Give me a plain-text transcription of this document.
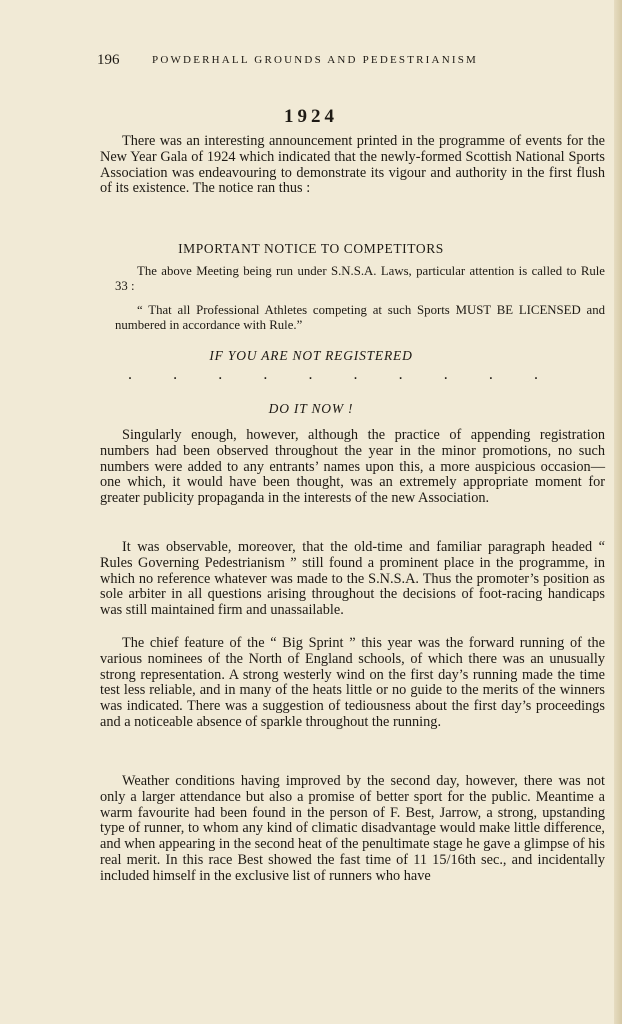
196	POWDERHALL GROUNDS AND PEDESTRIANISM
1924

There was an interesting announcement printed in the programme of events for the New Year Gala of 1924 which indicated that the newly-formed Scottish National Sports Association was endeavouring to demonstrate its vigour and authority in the first flush of its existence. The notice ran thus :

IMPORTANT NOTICE TO COMPETITORS

The above Meeting being run under S.N.S.A. Laws, particular attention is called to Rule 33 :

“ That all Professional Athletes competing at such Sports MUST BE LICENSED and numbered in accordance with Rule.”

IF YOU ARE NOT REGISTERED
.	.	.	.	.	.	.	.	.	.
DO IT NOW !

Singularly enough, however, although the practice of appending registration numbers had been observed throughout the year in the minor promotions, no such numbers were added to any entrants’ names upon this, a more auspicious occasion—one which, it would have been thought, was an extremely appropriate moment for greater publicity propaganda in the interests of the new Association.

It was observable, moreover, that the old-time and familiar paragraph headed “ Rules Governing Pedestrianism ” still found a prominent place in the programme, in which no reference whatever was made to the S.N.S.A. Thus the promoter’s position as sole arbiter in all questions arising throughout the decisions of foot-racing handicaps was still maintained firm and unassailable.

The chief feature of the “ Big Sprint ” this year was the forward running of the various nominees of the North of England schools, of which there was an unusually strong representation. A strong westerly wind on the first day’s running made the time test less reliable, and in many of the heats little or no guide to the merits of the winners was indicated. There was a suggestion of tediousness about the first day’s proceedings and a noticeable absence of sparkle throughout the running.

Weather conditions having improved by the second day, however, there was not only a larger attendance but also a promise of better sport for the public. Meantime a warm favourite had been found in the person of F. Best, Jarrow, a strong, upstanding type of runner, to whom any kind of climatic disadvantage would make little difference, and when appearing in the second heat of the penultimate stage he gave a glimpse of his real merit. In this race Best showed the fast time of 11 15/16th sec., and incidentally included himself in the exclusive list of runners who have
